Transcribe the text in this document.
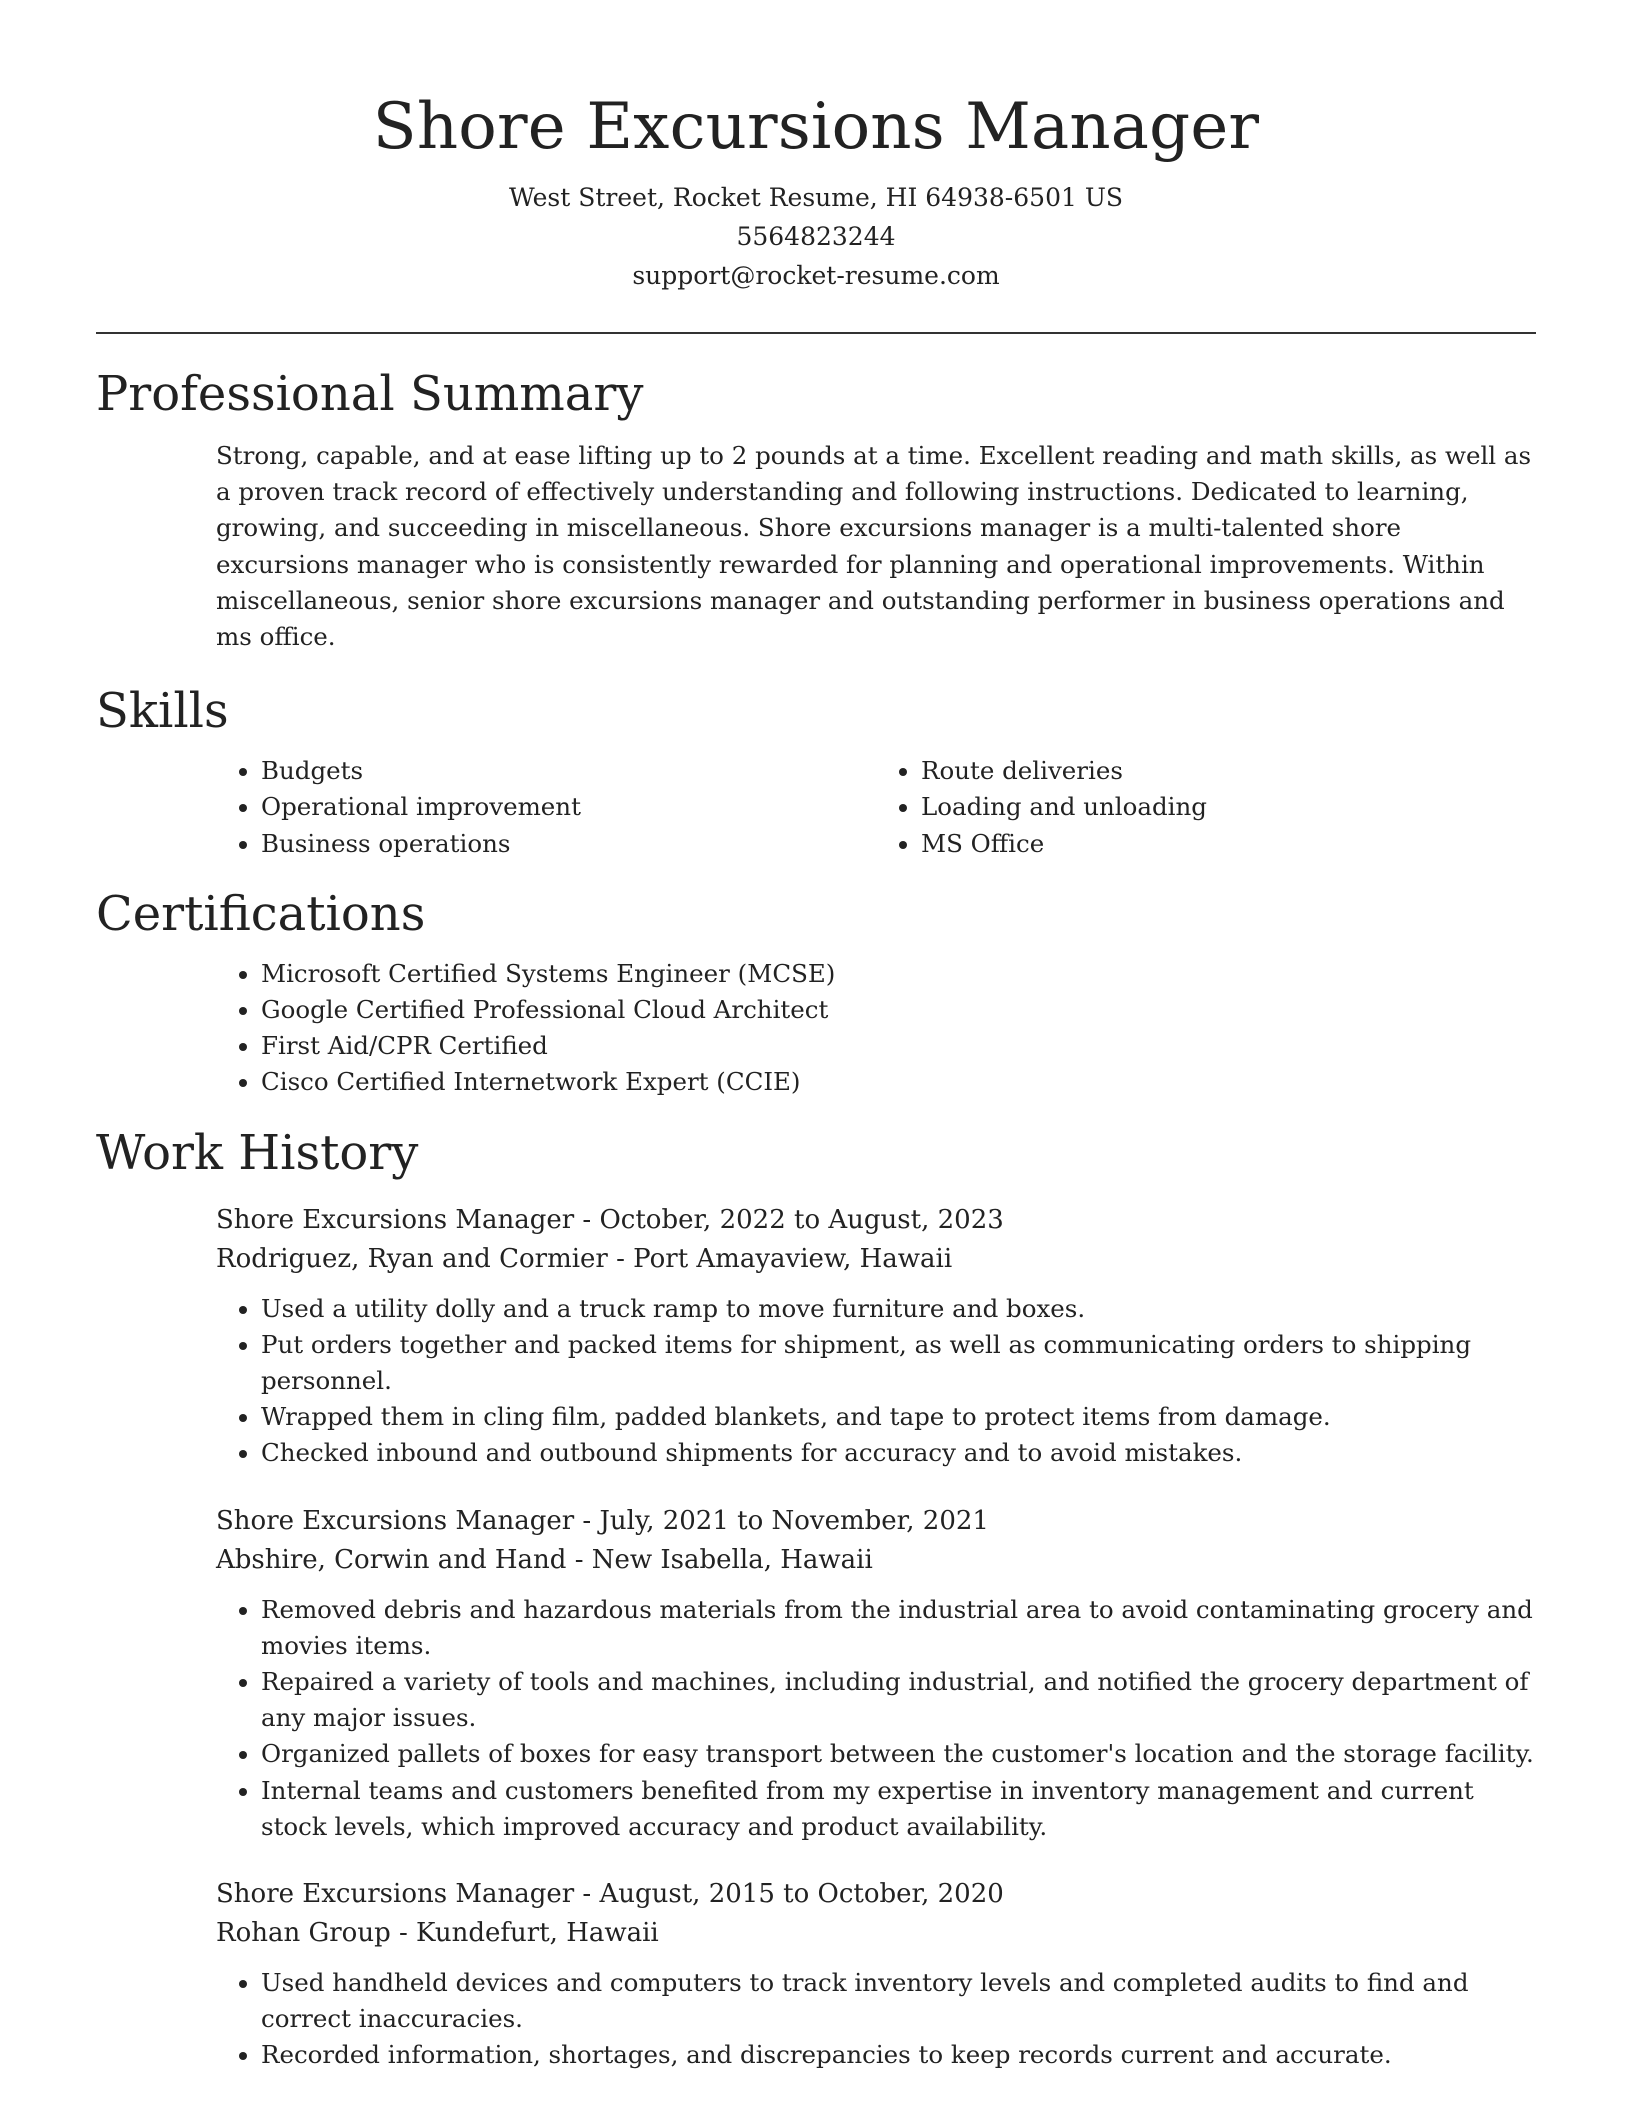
Shore Excursions Manager
West Street, Rocket Resume, HI 64938-6501 US
5564823244
support@rocket-resume.com
Professional Summary

Strong, capable, and at ease lifting up to 2 pounds at a time. Excellent reading and math skills, as well as a proven track record of effectively understanding and following instructions. Dedicated to learning, growing, and succeeding in miscellaneous. Shore excursions manager is a multi-talented shore excursions manager who is consistently rewarded for planning and operational improvements. Within miscellaneous, senior shore excursions manager and outstanding performer in business operations and ms office.

Skills
• Budgets
• Operational improvement
• Business operations
• Route deliveries
• Loading and unloading
• MS Office
Certifications
• Microsoft Certified Systems Engineer (MCSE)
• Google Certified Professional Cloud Architect
• First Aid/CPR Certified
• Cisco Certified Internetwork Expert (CCIE)
Work History
Shore Excursions Manager - October, 2022 to August, 2023
Rodriguez, Ryan and Cormier - Port Amayaview, Hawaii
• Used a utility dolly and a truck ramp to move furniture and boxes.
• Put orders together and packed items for shipment, as well as communicating orders to shipping personnel.
• Wrapped them in cling film, padded blankets, and tape to protect items from damage.
• Checked inbound and outbound shipments for accuracy and to avoid mistakes.
Shore Excursions Manager - July, 2021 to November, 2021
Abshire, Corwin and Hand - New Isabella, Hawaii
• Removed debris and hazardous materials from the industrial area to avoid contaminating grocery and movies items.
• Repaired a variety of tools and machines, including industrial, and notified the grocery department of any major issues.
• Organized pallets of boxes for easy transport between the customer's location and the storage facility.
• Internal teams and customers benefited from my expertise in inventory management and current stock levels, which improved accuracy and product availability.
Shore Excursions Manager - August, 2015 to October, 2020
Rohan Group - Kundefurt, Hawaii
• Used handheld devices and computers to track inventory levels and completed audits to find and correct inaccuracies.
• Recorded information, shortages, and discrepancies to keep records current and accurate.
